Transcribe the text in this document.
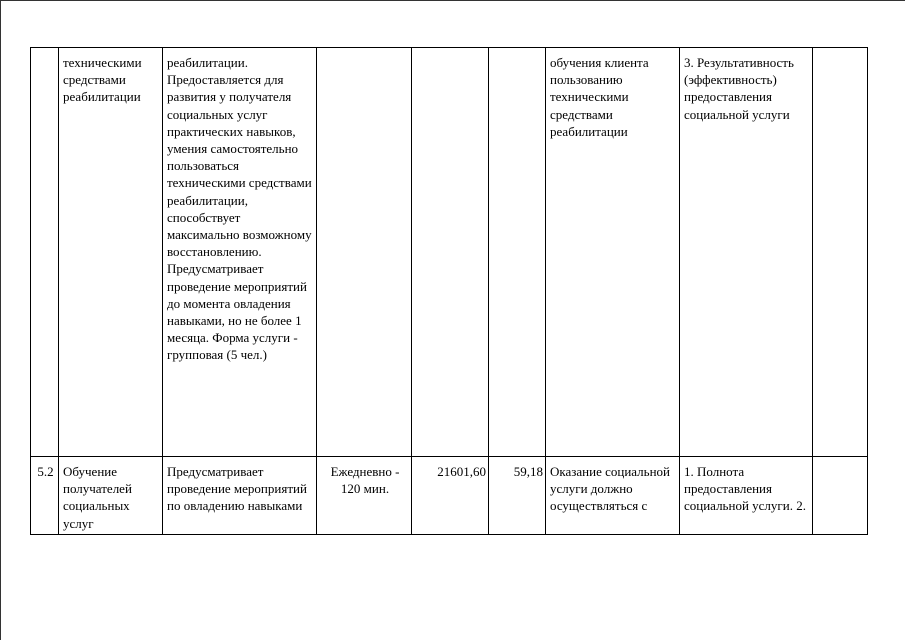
	техническими средствами реабилитации	реабилитации. Предоставляется для развития у получателя социальных услуг практических навыков, умения самостоятельно пользоваться техническими средствами реабилитации, способствует максимально возможному восстановлению. Предусматривает проведение мероприятий до момента овладения навыками, но не более 1 месяца. Форма услуги - групповая (5 чел.)				обучения клиента пользованию техническими средствами реабилитации	3. Результативность (эффективность) предоставления социальной услуги	
5.2	Обучение получателей социальных услуг	Предусматривает проведение мероприятий по овладению навыками	Ежедневно - 120 мин.	21601,60	59,18	Оказание социальной услуги должно осуществляться с	1. Полнота предоставления социальной услуги. 2.	
